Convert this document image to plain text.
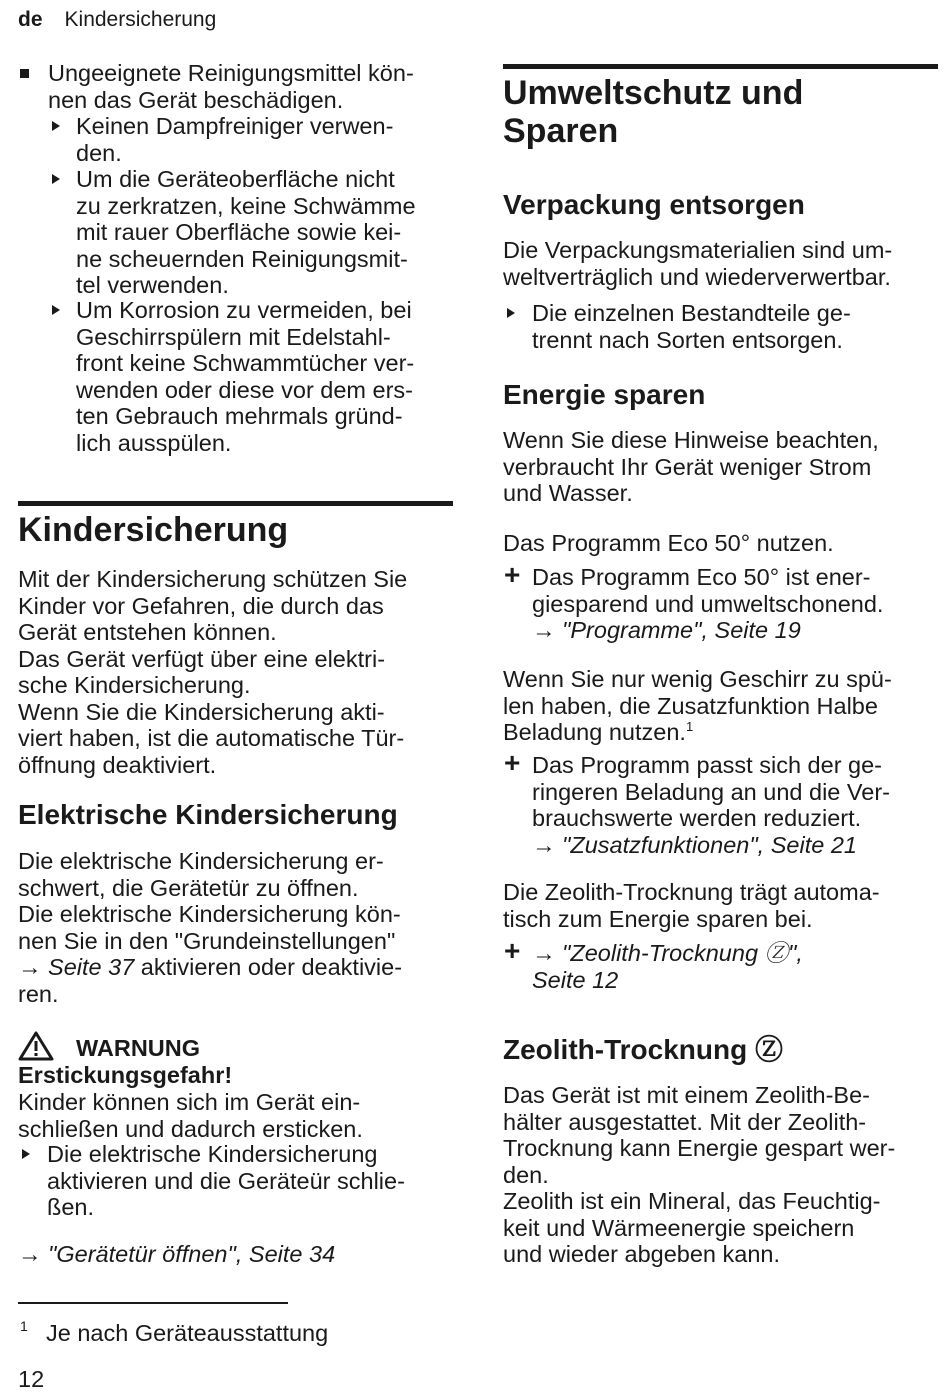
de Kindersicherung
Ungeeignete Reinigungsmittel kön-
nen das Gerät beschädigen.
Keinen Dampfreiniger verwen-
den.
Um die Geräteoberfläche nicht
zu zerkratzen, keine Schwämme
mit rauer Oberfläche sowie kei-
ne scheuernden Reinigungsmit-
tel verwenden.
Um Korrosion zu vermeiden, bei
Geschirrspülern mit Edelstahl-
front keine Schwammtücher ver-
wenden oder diese vor dem ers-
ten Gebrauch mehrmals gründ-
lich ausspülen.
Kindersicherung
Mit der Kindersicherung schützen Sie
Kinder vor Gefahren, die durch das
Gerät entstehen können.
Das Gerät verfügt über eine elektri-
sche Kindersicherung.
Wenn Sie die Kindersicherung akti-
viert haben, ist die automatische Tür-
öffnung deaktiviert.
Elektrische Kindersicherung
Die elektrische Kindersicherung er-
schwert, die Gerätetür zu öffnen.
Die elektrische Kindersicherung kön-
nen Sie in den "Grundeinstellungen"
→ Seite 37 aktivieren oder deaktivie-
ren.
WARNUNG
Erstickungsgefahr!
Kinder können sich im Gerät ein-
schließen und dadurch ersticken.
Die elektrische Kindersicherung
aktivieren und die Geräteür schlie-
ßen.
→ "Gerätetür öffnen", Seite 34
1 Je nach Geräteausstattung
12
Umweltschutz und
Sparen
Verpackung entsorgen
Die Verpackungsmaterialien sind um-
weltverträglich und wiederverwertbar.
Die einzelnen Bestandteile ge-
trennt nach Sorten entsorgen.
Energie sparen
Wenn Sie diese Hinweise beachten,
verbraucht Ihr Gerät weniger Strom
und Wasser.
Das Programm Eco 50° nutzen.
+ Das Programm Eco 50° ist ener-
giesparend und umweltschonend.
→ "Programme", Seite 19
Wenn Sie nur wenig Geschirr zu spü-
len haben, die Zusatzfunktion Halbe
Beladung nutzen.$^1$
+ Das Programm passt sich der ge-
ringeren Beladung an und die Ver-
brauchswerte werden reduziert.
→ "Zusatzfunktionen", Seite 21
Die Zeolith-Trocknung trägt automa-
tisch zum Energie sparen bei.
+ → "Zeolith-Trocknung Ⓩ",
Seite 12
Zeolith-Trocknung Ⓩ
Das Gerät ist mit einem Zeolith-Be-
hälter ausgestattet. Mit der Zeolith-
Trocknung kann Energie gespart wer-
den.
Zeolith ist ein Mineral, das Feuchtig-
keit und Wärmeenergie speichern
und wieder abgeben kann.
